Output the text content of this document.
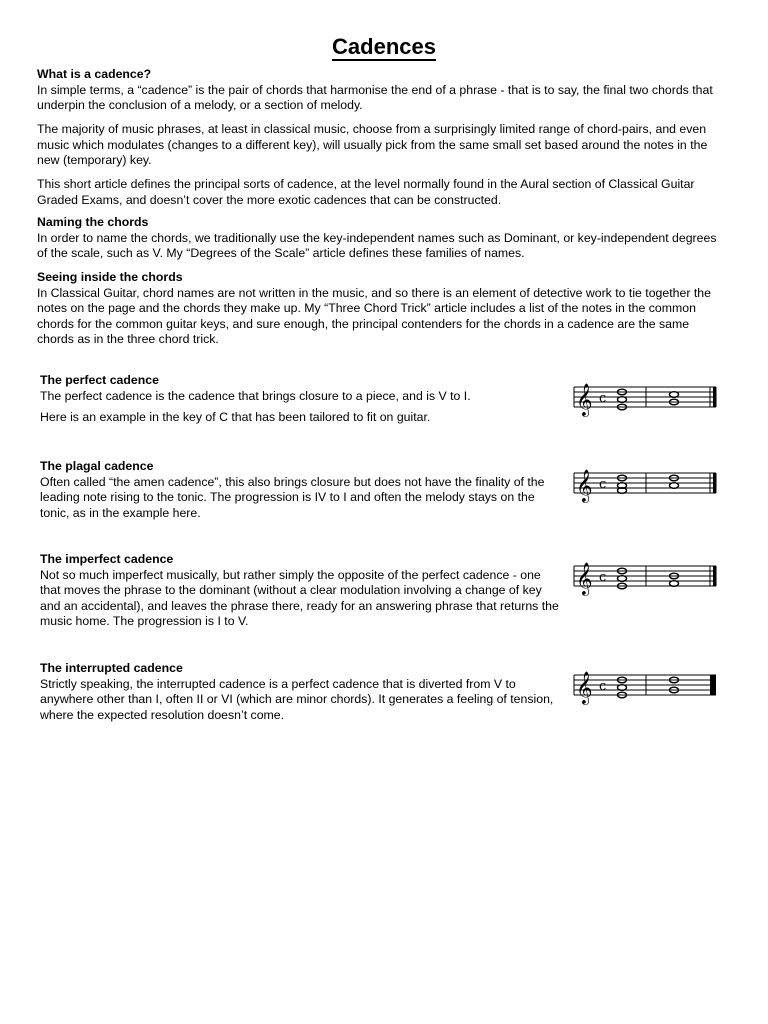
Cadences

What is a cadence?

In simple terms, a “cadence” is the pair of chords that harmonise the end of a phrase - that is to say, the final two chords that underpin the conclusion of a melody, or a section of melody.

The majority of music phrases, at least in classical music, choose from a surprisingly limited range of chord-pairs, and even music which modulates (changes to a different key), will usually pick from the same small set based around the notes in the new (temporary) key.

This short article defines the principal sorts of cadence, at the level normally found in the Aural section of Classical Guitar Graded Exams, and doesn’t cover the more exotic cadences that can be constructed.

Naming the chords

In order to name the chords, we traditionally use the key-independent names such as Dominant, or key-independent degrees of the scale, such as V. My “Degrees of the Scale” article defines these families of names.

Seeing inside the chords

In Classical Guitar, chord names are not written in the music, and so there is an element of detective work to tie together the notes on the page and the chords they make up. My “Three Chord Trick” article includes a list of the notes in the common chords for the common guitar keys, and sure enough, the principal contenders for the chords in a cadence are the same chords as in the three chord trick.

The perfect cadence

The perfect cadence is the cadence that brings closure to a piece, and is V to I.

Here is an example in the key of C that has been tailored to fit on guitar.

The plagal cadence

Often called “the amen cadence”, this also brings closure but does not have the finality of the leading note rising to the tonic. The progression is IV to I and often the melody stays on the tonic, as in the example here.

The imperfect cadence

Not so much imperfect musically, but rather simply the opposite of the perfect cadence - one that moves the phrase to the dominant (without a clear modulation involving a change of key and an accidental), and leaves the phrase there, ready for an answering phrase that returns the music home. The progression is I to V.

The interrupted cadence

Strictly speaking, the interrupted cadence is a perfect cadence that is diverted from V to anywhere other than I, often II or VI (which are minor chords). It generates a feeling of tension, where the expected resolution doesn’t come.

𝄞 c
𝄞 c
𝄞 c
𝄞 c
